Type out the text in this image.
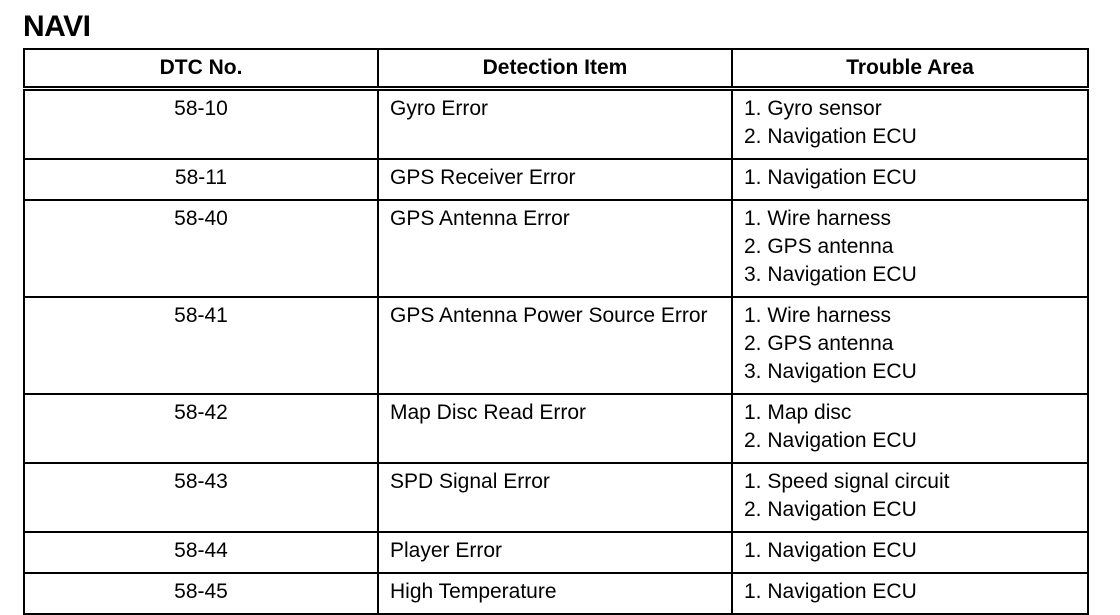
NAVI
DTC No.	Detection Item	Trouble Area
58-10	Gyro Error	1. Gyro sensor
2. Navigation ECU

58-11	GPS Receiver Error	1. Navigation ECU

58-40	GPS Antenna Error	1. Wire harness
2. GPS antenna
3. Navigation ECU

58-41	GPS Antenna Power Source Error	1. Wire harness
2. GPS antenna
3. Navigation ECU

58-42	Map Disc Read Error	1. Map disc
2. Navigation ECU

58-43	SPD Signal Error	1. Speed signal circuit
2. Navigation ECU

58-44	Player Error	1. Navigation ECU

58-45	High Temperature	1. Navigation ECU
